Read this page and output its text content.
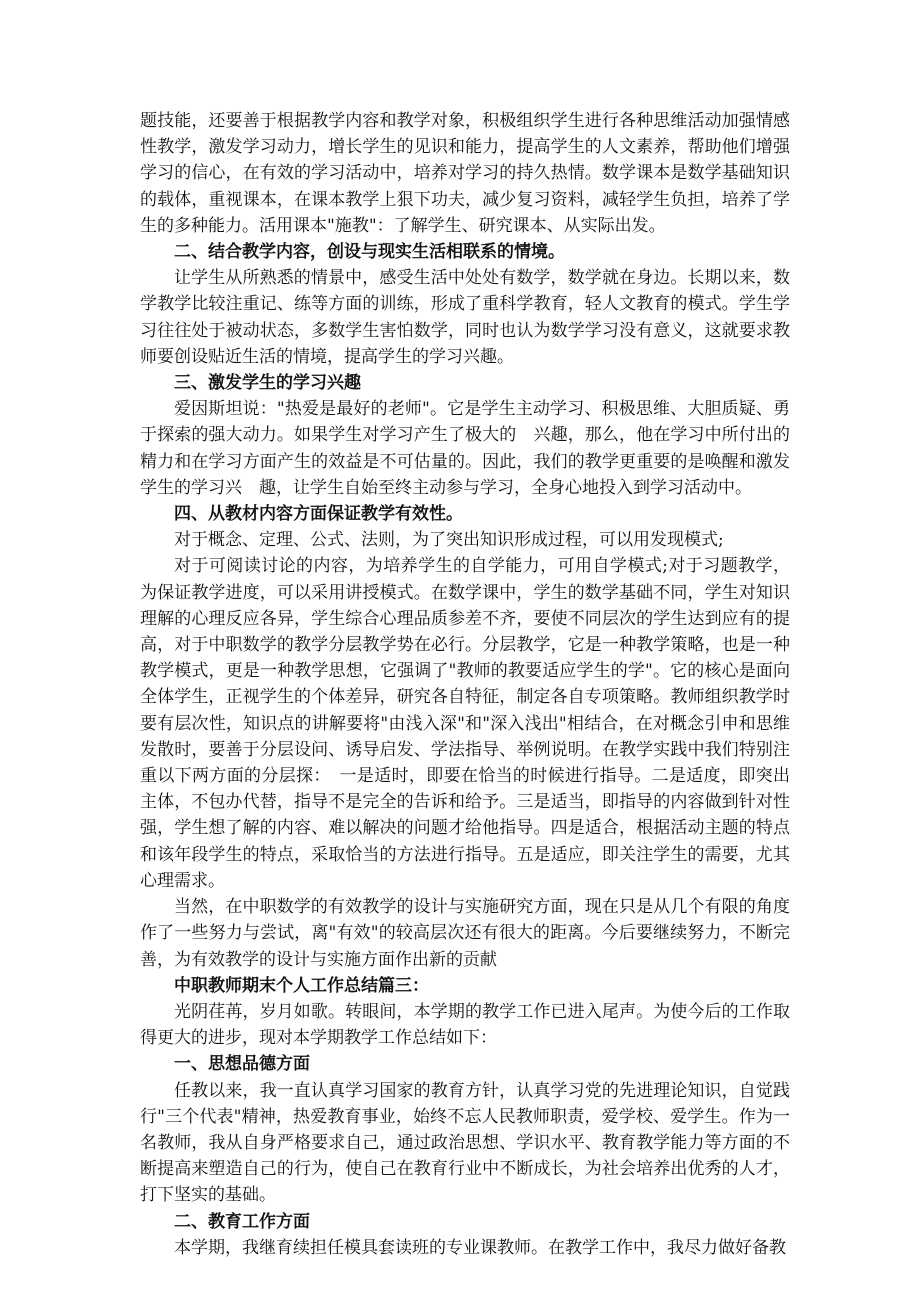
题技能，还要善于根据教学内容和教学对象，积极组织学生进行各种思维活动加强情感性教学，激发学习动力，增长学生的见识和能力，提高学生的人文素养，帮助他们增强学习的信心，在有效的学习活动中，培养对学习的持久热情。数学课本是数学基础知识的载体，重视课本，在课本教学上狠下功夫，减少复习资料，减轻学生负担，培养了学生的多种能力。活用课本"施教"：了解学生、研究课本、从实际出发。

二、结合教学内容，创设与现实生活相联系的情境。

让学生从所熟悉的情景中，感受生活中处处有数学，数学就在身边。长期以来，数学教学比较注重记、练等方面的训练，形成了重科学教育，轻人文教育的模式。学生学习往往处于被动状态，多数学生害怕数学，同时也认为数学学习没有意义，这就要求教师要创设贴近生活的情境，提高学生的学习兴趣。

三、激发学生的学习兴趣

爱因斯坦说："热爱是最好的老师"。它是学生主动学习、积极思维、大胆质疑、勇于探索的强大动力。如果学生对学习产生了极大的　兴趣，那么，他在学习中所付出的精力和在学习方面产生的效益是不可估量的。因此，我们的教学更重要的是唤醒和激发学生的学习兴　趣，让学生自始至终主动参与学习，全身心地投入到学习活动中。

四、从教材内容方面保证教学有效性。

对于概念、定理、公式、法则，为了突出知识形成过程，可以用发现模式;

对于可阅读讨论的内容，为培养学生的自学能力，可用自学模式;对于习题教学，为保证教学进度，可以采用讲授模式。在数学课中，学生的数学基础不同，学生对知识理解的心理反应各异，学生综合心理品质参差不齐，要使不同层次的学生达到应有的提高，对于中职数学的教学分层教学势在必行。分层教学，它是一种教学策略，也是一种教学模式，更是一种教学思想，它强调了"教师的教要适应学生的学"。它的核心是面向全体学生，正视学生的个体差异，研究各自特征，制定各自专项策略。教师组织教学时要有层次性，知识点的讲解要将"由浅入深"和"深入浅出"相结合，在对概念引申和思维发散时，要善于分层设问、诱导启发、学法指导、举例说明。在教学实践中我们特别注重以下两方面的分层探：　一是适时，即要在恰当的时候进行指导。二是适度，即突出主体，不包办代替，指导不是完全的告诉和给予。三是适当，即指导的内容做到针对性强，学生想了解的内容、难以解决的问题才给他指导。四是适合，根据活动主题的特点和该年段学生的特点，采取恰当的方法进行指导。五是适应，即关注学生的需要，尤其心理需求。

当然，在中职数学的有效教学的设计与实施研究方面，现在只是从几个有限的角度作了一些努力与尝试，离"有效"的较高层次还有很大的距离。今后要继续努力，不断完善，为有效教学的设计与实施方面作出新的贡献

中职教师期末个人工作总结篇三：

光阴荏苒，岁月如歌。转眼间，本学期的教学工作已进入尾声。为使今后的工作取得更大的进步，现对本学期教学工作总结如下：

一、思想品德方面

任教以来，我一直认真学习国家的教育方针，认真学习党的先进理论知识，自觉践行"三个代表"精神，热爱教育事业，始终不忘人民教师职责，爱学校、爱学生。作为一名教师，我从自身严格要求自己，通过政治思想、学识水平、教育教学能力等方面的不断提高来塑造自己的行为，使自己在教育行业中不断成长，为社会培养出优秀的人才，打下坚实的基础。

二、教育工作方面

本学期，我继育续担任模具套读班的专业课教师。在教学工作中，我尽力做好备教
